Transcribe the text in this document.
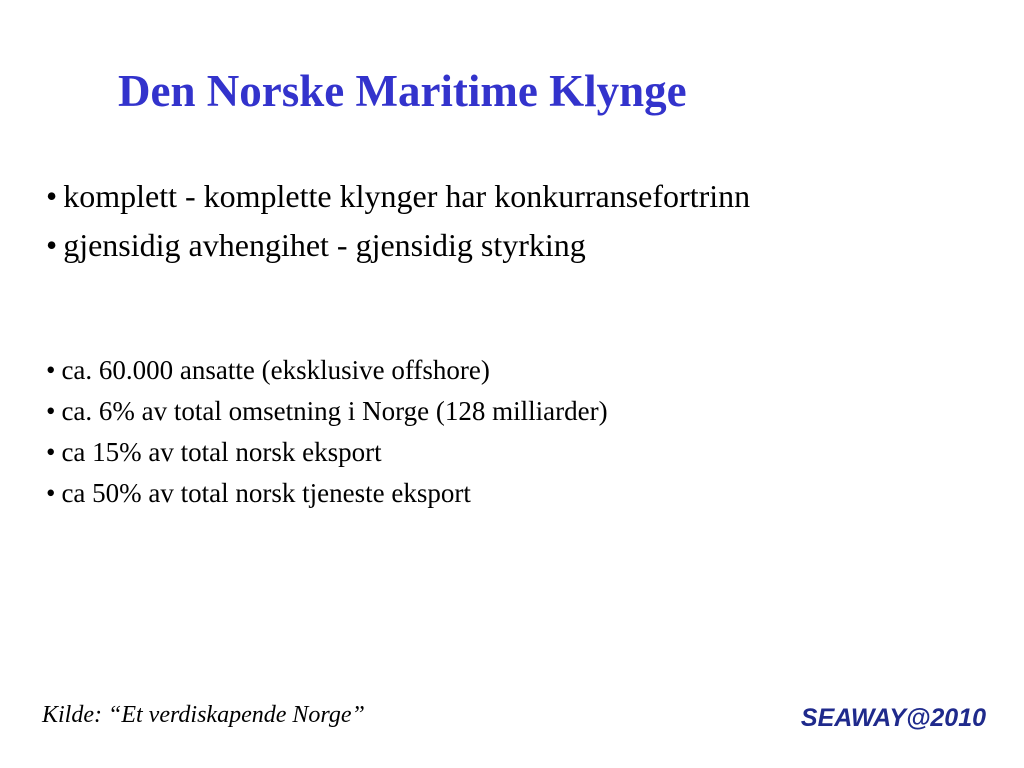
Den Norske Maritime Klynge
• komplett - komplette klynger har konkurransefortrinn
• gjensidig avhengihet - gjensidig styrking
• ca. 60.000 ansatte (eksklusive offshore)
• ca. 6% av total omsetning i Norge (128 milliarder)
• ca 15% av total norsk eksport
• ca 50% av total norsk tjeneste eksport
Kilde: “Et verdiskapende Norge”	SEAWAY@2010
